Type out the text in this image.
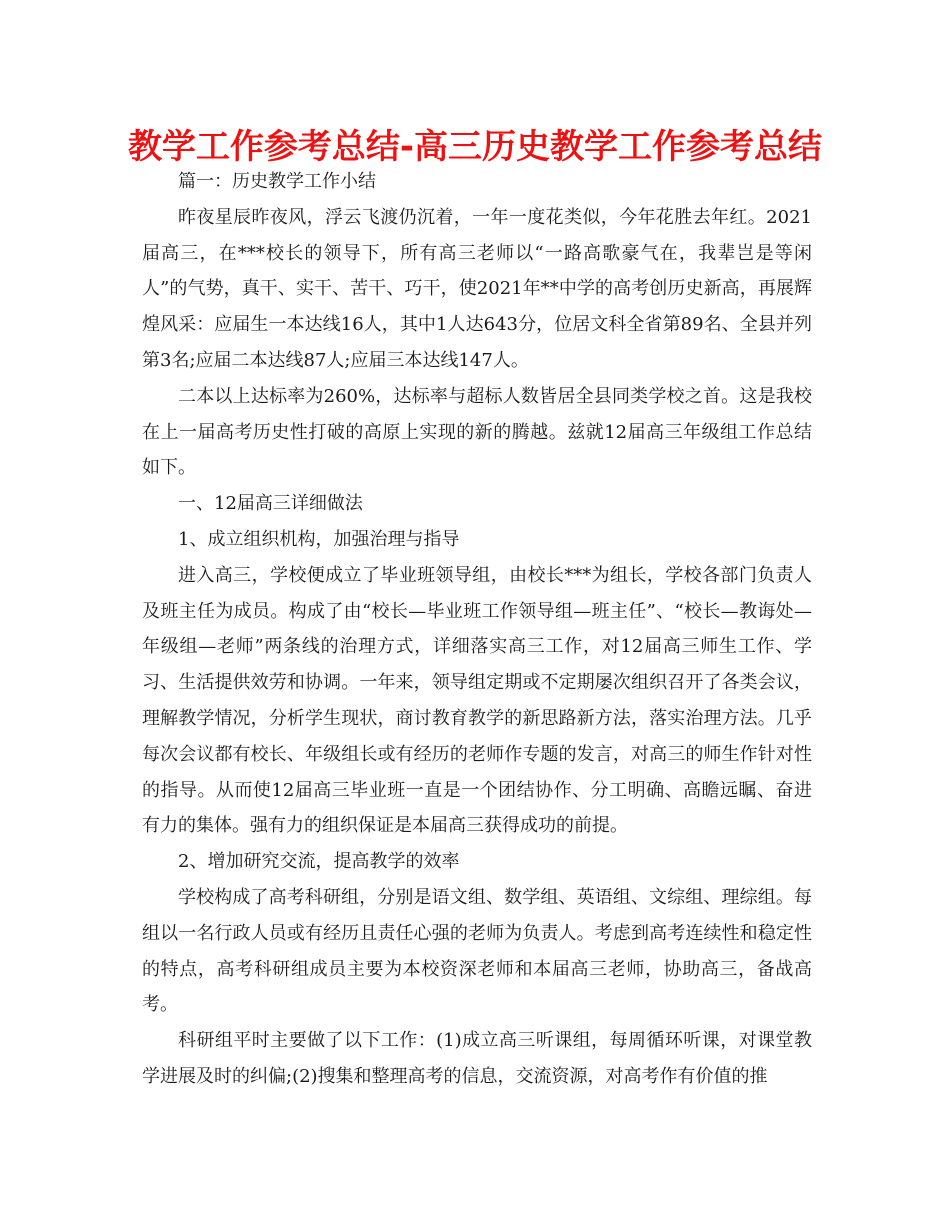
教学工作参考总结-高三历史教学工作参考总结

篇一：历史教学工作小结

昨夜星辰昨夜风，浮云飞渡仍沉着，一年一度花类似，今年花胜去年红。2021届高三，在***校长的领导下，所有高三老师以“一路高歌豪气在，我辈岂是等闲人”的气势，真干、实干、苦干、巧干，使2021年**中学的高考创历史新高，再展辉煌风采：应届生一本达线16人，其中1人达643分，位居文科全省第89名、全县并列第3名;应届二本达线87人;应届三本达线147人。

二本以上达标率为260%，达标率与超标人数皆居全县同类学校之首。这是我校在上一届高考历史性打破的高原上实现的新的腾越。兹就12届高三年级组工作总结如下。

一、12届高三详细做法

1、成立组织机构，加强治理与指导

进入高三，学校便成立了毕业班领导组，由校长***为组长，学校各部门负责人及班主任为成员。构成了由“校长—毕业班工作领导组—班主任”、“校长—教诲处—年级组—老师”两条线的治理方式，详细落实高三工作，对12届高三师生工作、学习、生活提供效劳和协调。一年来，领导组定期或不定期屡次组织召开了各类会议，理解教学情况，分析学生现状，商讨教育教学的新思路新方法，落实治理方法。几乎每次会议都有校长、年级组长或有经历的老师作专题的发言，对高三的师生作针对性的指导。从而使12届高三毕业班一直是一个团结协作、分工明确、高瞻远瞩、奋进有力的集体。强有力的组织保证是本届高三获得成功的前提。

2、增加研究交流，提高教学的效率

学校构成了高考科研组，分别是语文组、数学组、英语组、文综组、理综组。每组以一名行政人员或有经历且责任心强的老师为负责人。考虑到高考连续性和稳定性的特点，高考科研组成员主要为本校资深老师和本届高三老师，协助高三，备战高考。

科研组平时主要做了以下工作：(1)成立高三听课组，每周循环听课，对课堂教学进展及时的纠偏;(2)搜集和整理高考的信息，交流资源，对高考作有价值的推
